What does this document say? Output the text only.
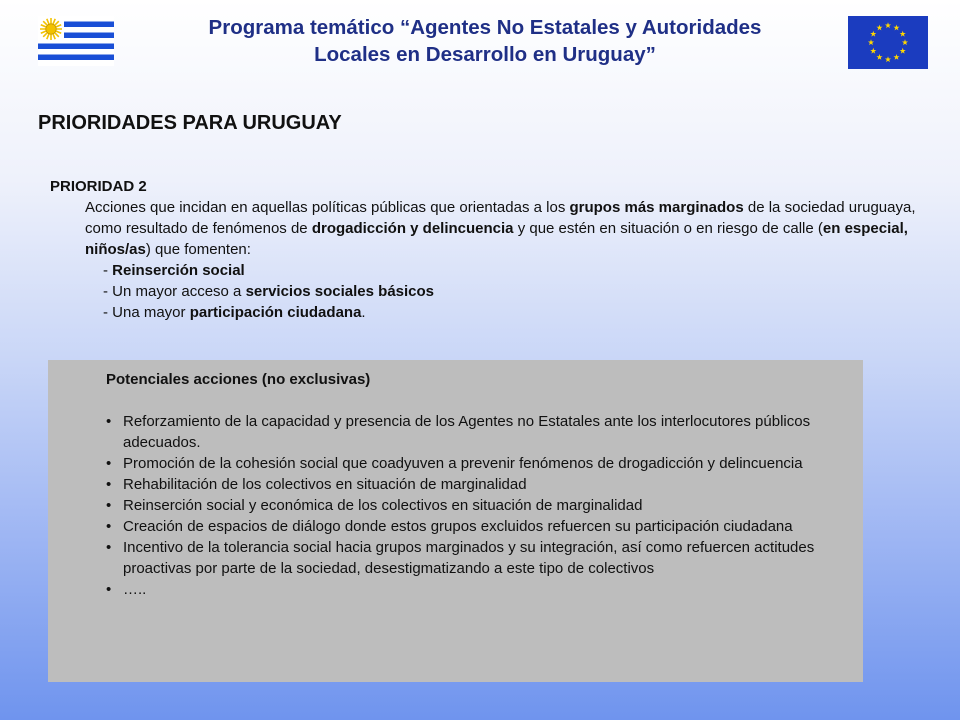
Programa temático “Agentes No Estatales y Autoridades
Locales en Desarrollo en Uruguay”
PRIORIDADES PARA URUGUAY
PRIORIDAD 2

Acciones que incidan en aquellas políticas públicas que orientadas a los grupos más marginados de la sociedad uruguaya, como resultado de fenómenos de drogadicción y delincuencia y que estén en situación o en riesgo de calle (en especial, niños/as) que fomenten:

- Reinserción social
- Un mayor acceso a servicios sociales básicos
- Una mayor participación ciudadana.
Potenciales acciones (no exclusivas)
• Reforzamiento de la capacidad y presencia de los Agentes no Estatales ante los interlocutores públicos adecuados.
• Promoción de la cohesión social que coadyuven a prevenir fenómenos de drogadicción y delincuencia
• Rehabilitación de los colectivos en situación de marginalidad
• Reinserción social y económica de los colectivos en situación de marginalidad
• Creación de espacios de diálogo donde estos grupos excluidos refuercen su participación ciudadana
• Incentivo de la tolerancia social hacia grupos marginados y su integración, así como refuercen actitudes proactivas por parte de la sociedad, desestigmatizando a este tipo de colectivos
• …..
